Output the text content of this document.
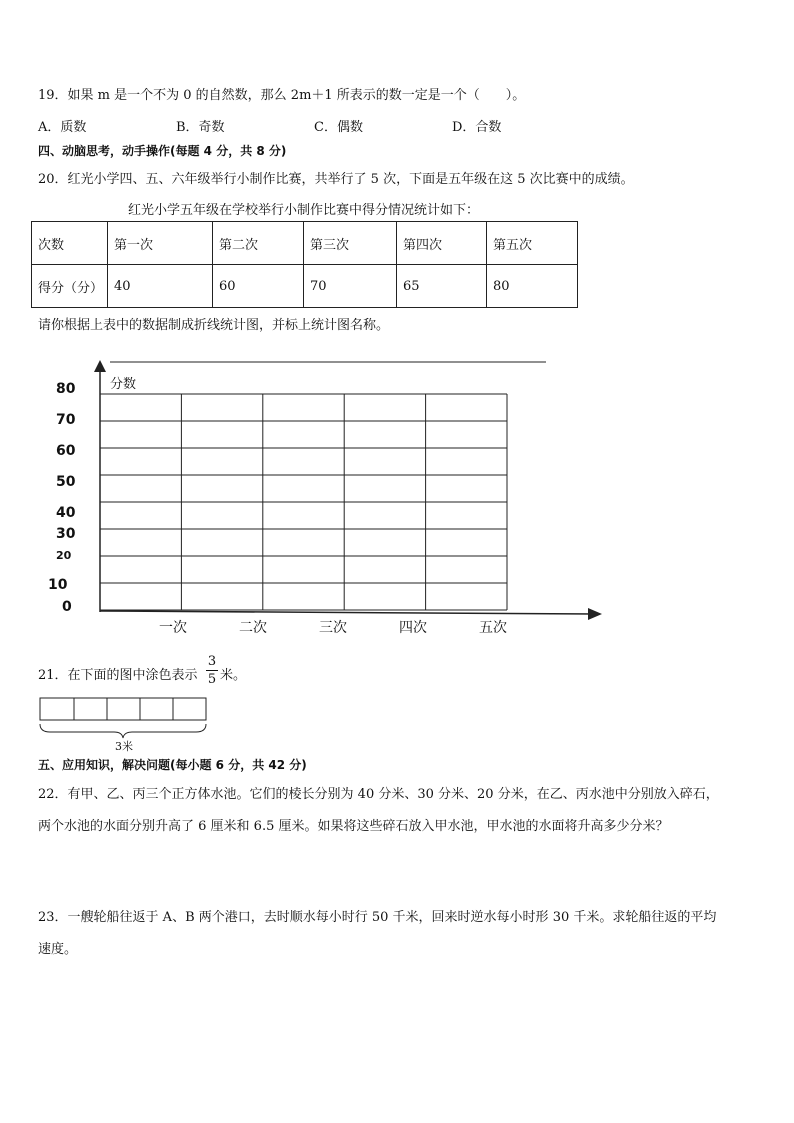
19．如果 m 是一个不为 0 的自然数，那么 2m＋1 所表示的数一定是一个（　　）。
A．质数	B．奇数	C．偶数	D．合数
四、动脑思考，动手操作(每题 4 分，共 8 分)
20．红光小学四、五、六年级举行小制作比赛，共举行了 5 次，下面是五年级在这 5 次比赛中的成绩。
红光小学五年级在学校举行小制作比赛中得分情况统计如下：
次数	第一次	第二次	第三次	第四次	第五次
得分（分）	40	60	70	65	80
请你根据上表中的数据制成折线统计图，并标上统计图名称。
分数
80
70
60
50
40
30
20
10
0
一次	二次	三次	四次	五次
21．在下面的图中涂色表示
3
5 米。
3米
五、应用知识，解决问题(每小题 6 分，共 42 分)
22．有甲、乙、丙三个正方体水池。它们的棱长分别为 40 分米、30 分米、20 分米，在乙、丙水池中分别放入碎石，
两个水池的水面分别升高了 6 厘米和 6.5 厘米。如果将这些碎石放入甲水池，甲水池的水面将升高多少分米？
23．一艘轮船往返于 A、B 两个港口，去时顺水每小时行 50 千米，回来时逆水每小时形 30 千米。求轮船往返的平均
速度。
